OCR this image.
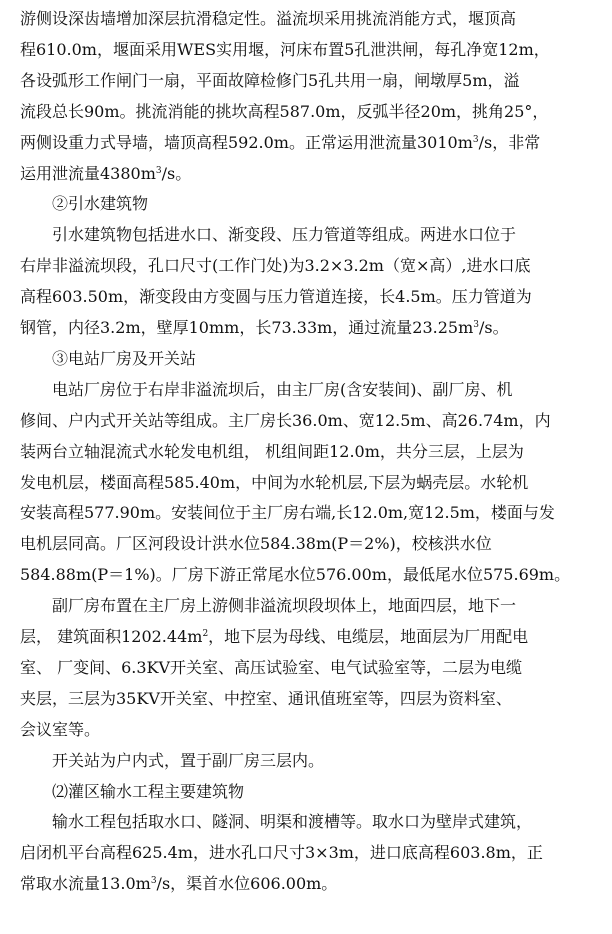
游侧设深齿墙增加深层抗滑稳定性。溢流坝采用挑流消能方式，堰顶高
程610.0m，堰面采用WES实用堰，河床布置5孔泄洪闸，每孔净宽12m，
各设弧形工作闸门一扇，平面故障检修门5孔共用一扇，闸墩厚5m，溢
流段总长90m。挑流消能的挑坎高程587.0m，反弧半径20m，挑角25°，
两侧设重力式导墙，墙顶高程592.0m。正常运用泄流量$3010m^3/s$，非常
运用泄流量$4380m^3/s$。
②引水建筑物
引水建筑物包括进水口、渐变段、压力管道等组成。两进水口位于
右岸非溢流坝段，孔口尺寸(工作门处)为3.2×3.2m（宽×高）,进水口底
高程603.50m，渐变段由方变圆与压力管道连接，长4.5m。压力管道为
钢管，内径3.2m，壁厚10mm，长73.33m，通过流量$23.25m^3/s$。
③电站厂房及开关站
电站厂房位于右岸非溢流坝后，由主厂房(含安装间)、副厂房、机
修间、户内式开关站等组成。主厂房长36.0m、宽12.5m、高26.74m，内
装两台立轴混流式水轮发电机组， 机组间距12.0m，共分三层，上层为
发电机层，楼面高程585.40m，中间为水轮机层,下层为蜗壳层。水轮机
安装高程577.90m。安装间位于主厂房右端,长12.0m,宽12.5m，楼面与发
电机层同高。厂区河段设计洪水位584.38m(P＝2%)，校核洪水位
584.88m(P＝1%)。厂房下游正常尾水位576.00m，最低尾水位575.69m。
副厂房布置在主厂房上游侧非溢流坝段坝体上，地面四层，地下一
层， 建筑面积$1202.44m^2$，地下层为母线、电缆层，地面层为厂用配电
室、 厂变间、6.3KV开关室、高压试验室、电气试验室等，二层为电缆
夹层，三层为35KV开关室、中控室、通讯值班室等，四层为资料室、
会议室等。
开关站为户内式，置于副厂房三层内。
⑵灌区输水工程主要建筑物
输水工程包括取水口、隧洞、明渠和渡槽等。取水口为壁岸式建筑，
启闭机平台高程625.4m，进水孔口尺寸3×3m，进口底高程603.8m，正
常取水流量$13.0m^3/s$，渠首水位606.00m。
